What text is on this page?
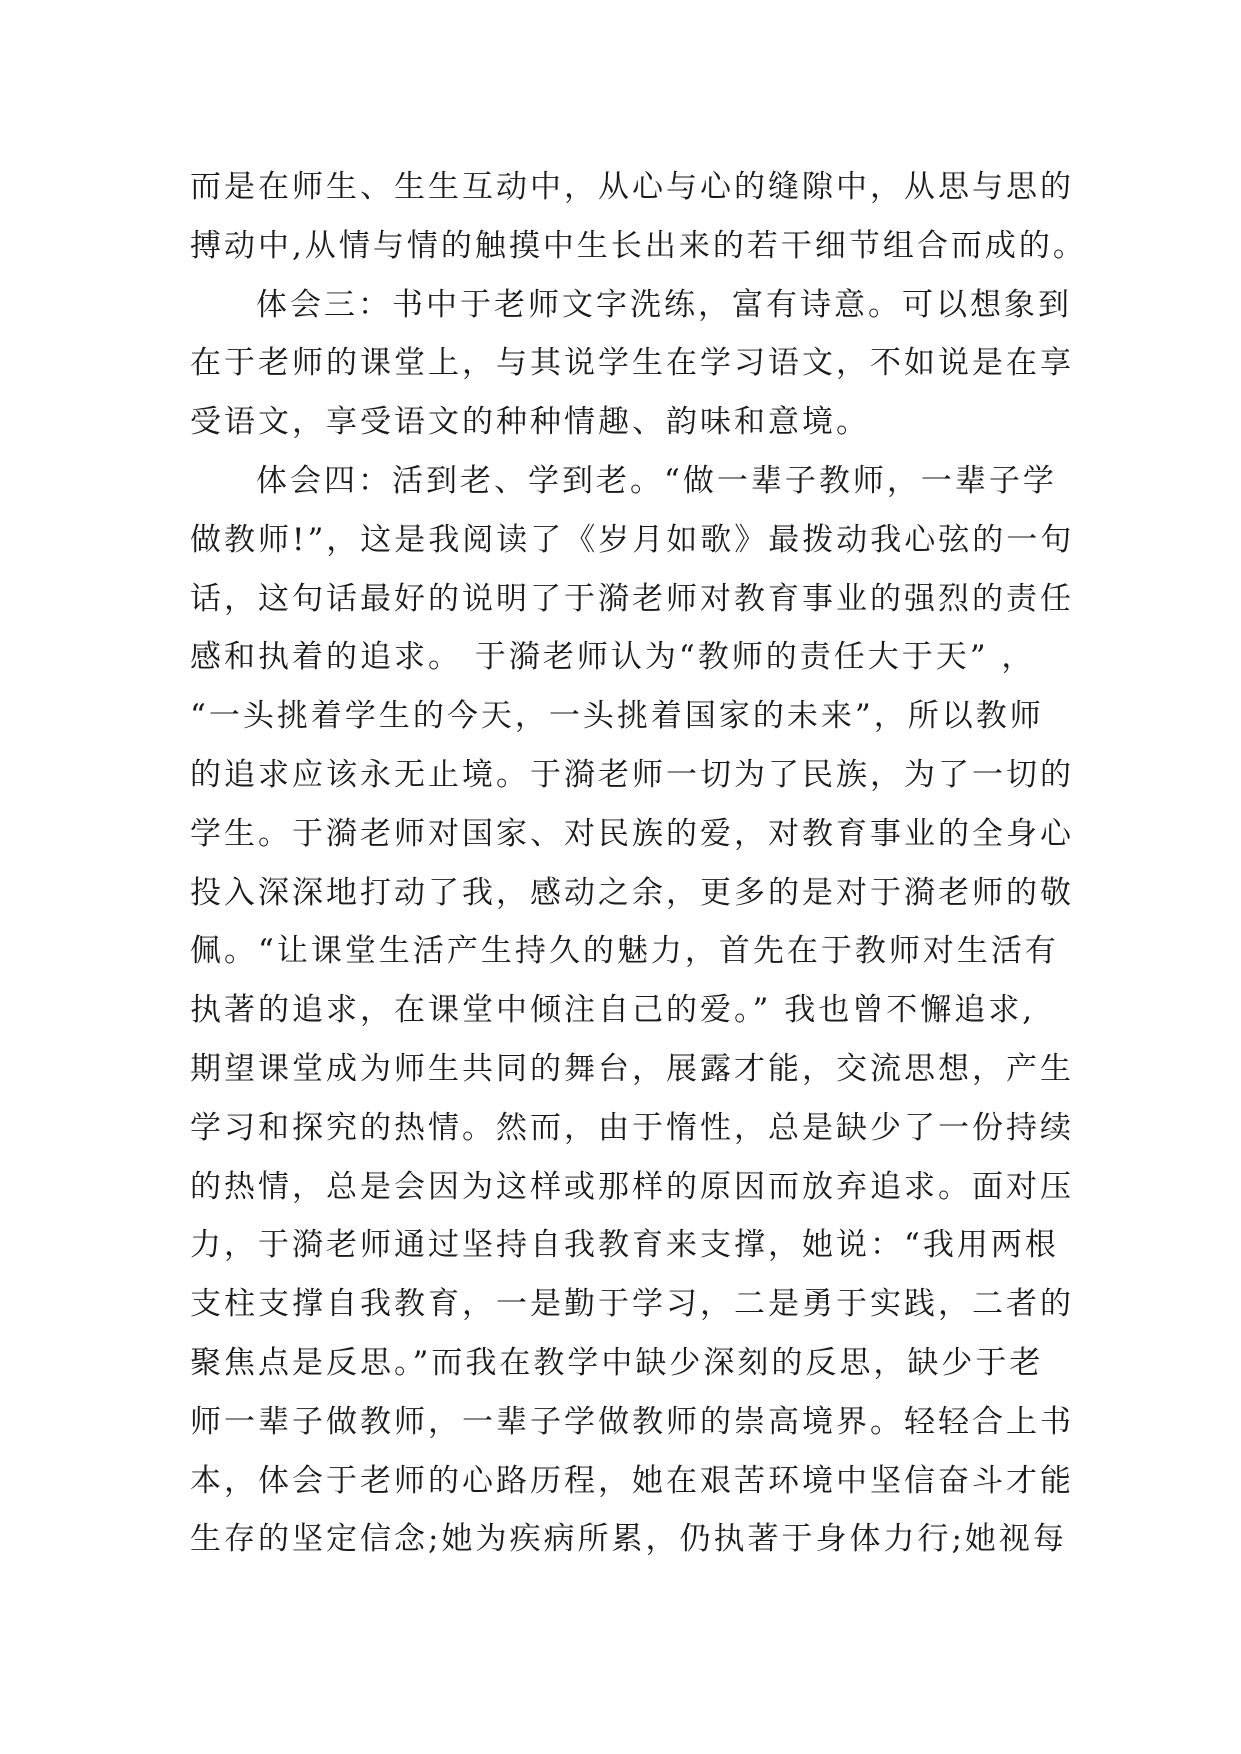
而是在师生、生生互动中，从心与心的缝隙中，从思与思的
搏动中,从情与情的触摸中生长出来的若干细节组合而成的。
体会三：书中于老师文字洗练，富有诗意。可以想象到
在于老师的课堂上，与其说学生在学习语文，不如说是在享
受语文，享受语文的种种情趣、韵味和意境。
体会四：活到老、学到老。“做一辈子教师，一辈子学
做教师!”，这是我阅读了《岁月如歌》最拨动我心弦的一句
话，这句话最好的说明了于漪老师对教育事业的强烈的责任
感和执着的追求。 于漪老师认为“教师的责任大于天” ，
“一头挑着学生的今天，一头挑着国家的未来”，所以教师
的追求应该永无止境。于漪老师一切为了民族，为了一切的
学生。于漪老师对国家、对民族的爱，对教育事业的全身心
投入深深地打动了我，感动之余，更多的是对于漪老师的敬
佩。“让课堂生活产生持久的魅力，首先在于教师对生活有
执著的追求，在课堂中倾注自己的爱。” 我也曾不懈追求,
期望课堂成为师生共同的舞台，展露才能，交流思想，产生
学习和探究的热情。然而，由于惰性，总是缺少了一份持续
的热情，总是会因为这样或那样的原因而放弃追求。面对压
力，于漪老师通过坚持自我教育来支撑，她说：“我用两根
支柱支撑自我教育，一是勤于学习，二是勇于实践，二者的
聚焦点是反思。”而我在教学中缺少深刻的反思，缺少于老
师一辈子做教师，一辈子学做教师的崇高境界。轻轻合上书
本，体会于老师的心路历程，她在艰苦环境中坚信奋斗才能
生存的坚定信念;她为疾病所累，仍执著于身体力行;她视每
